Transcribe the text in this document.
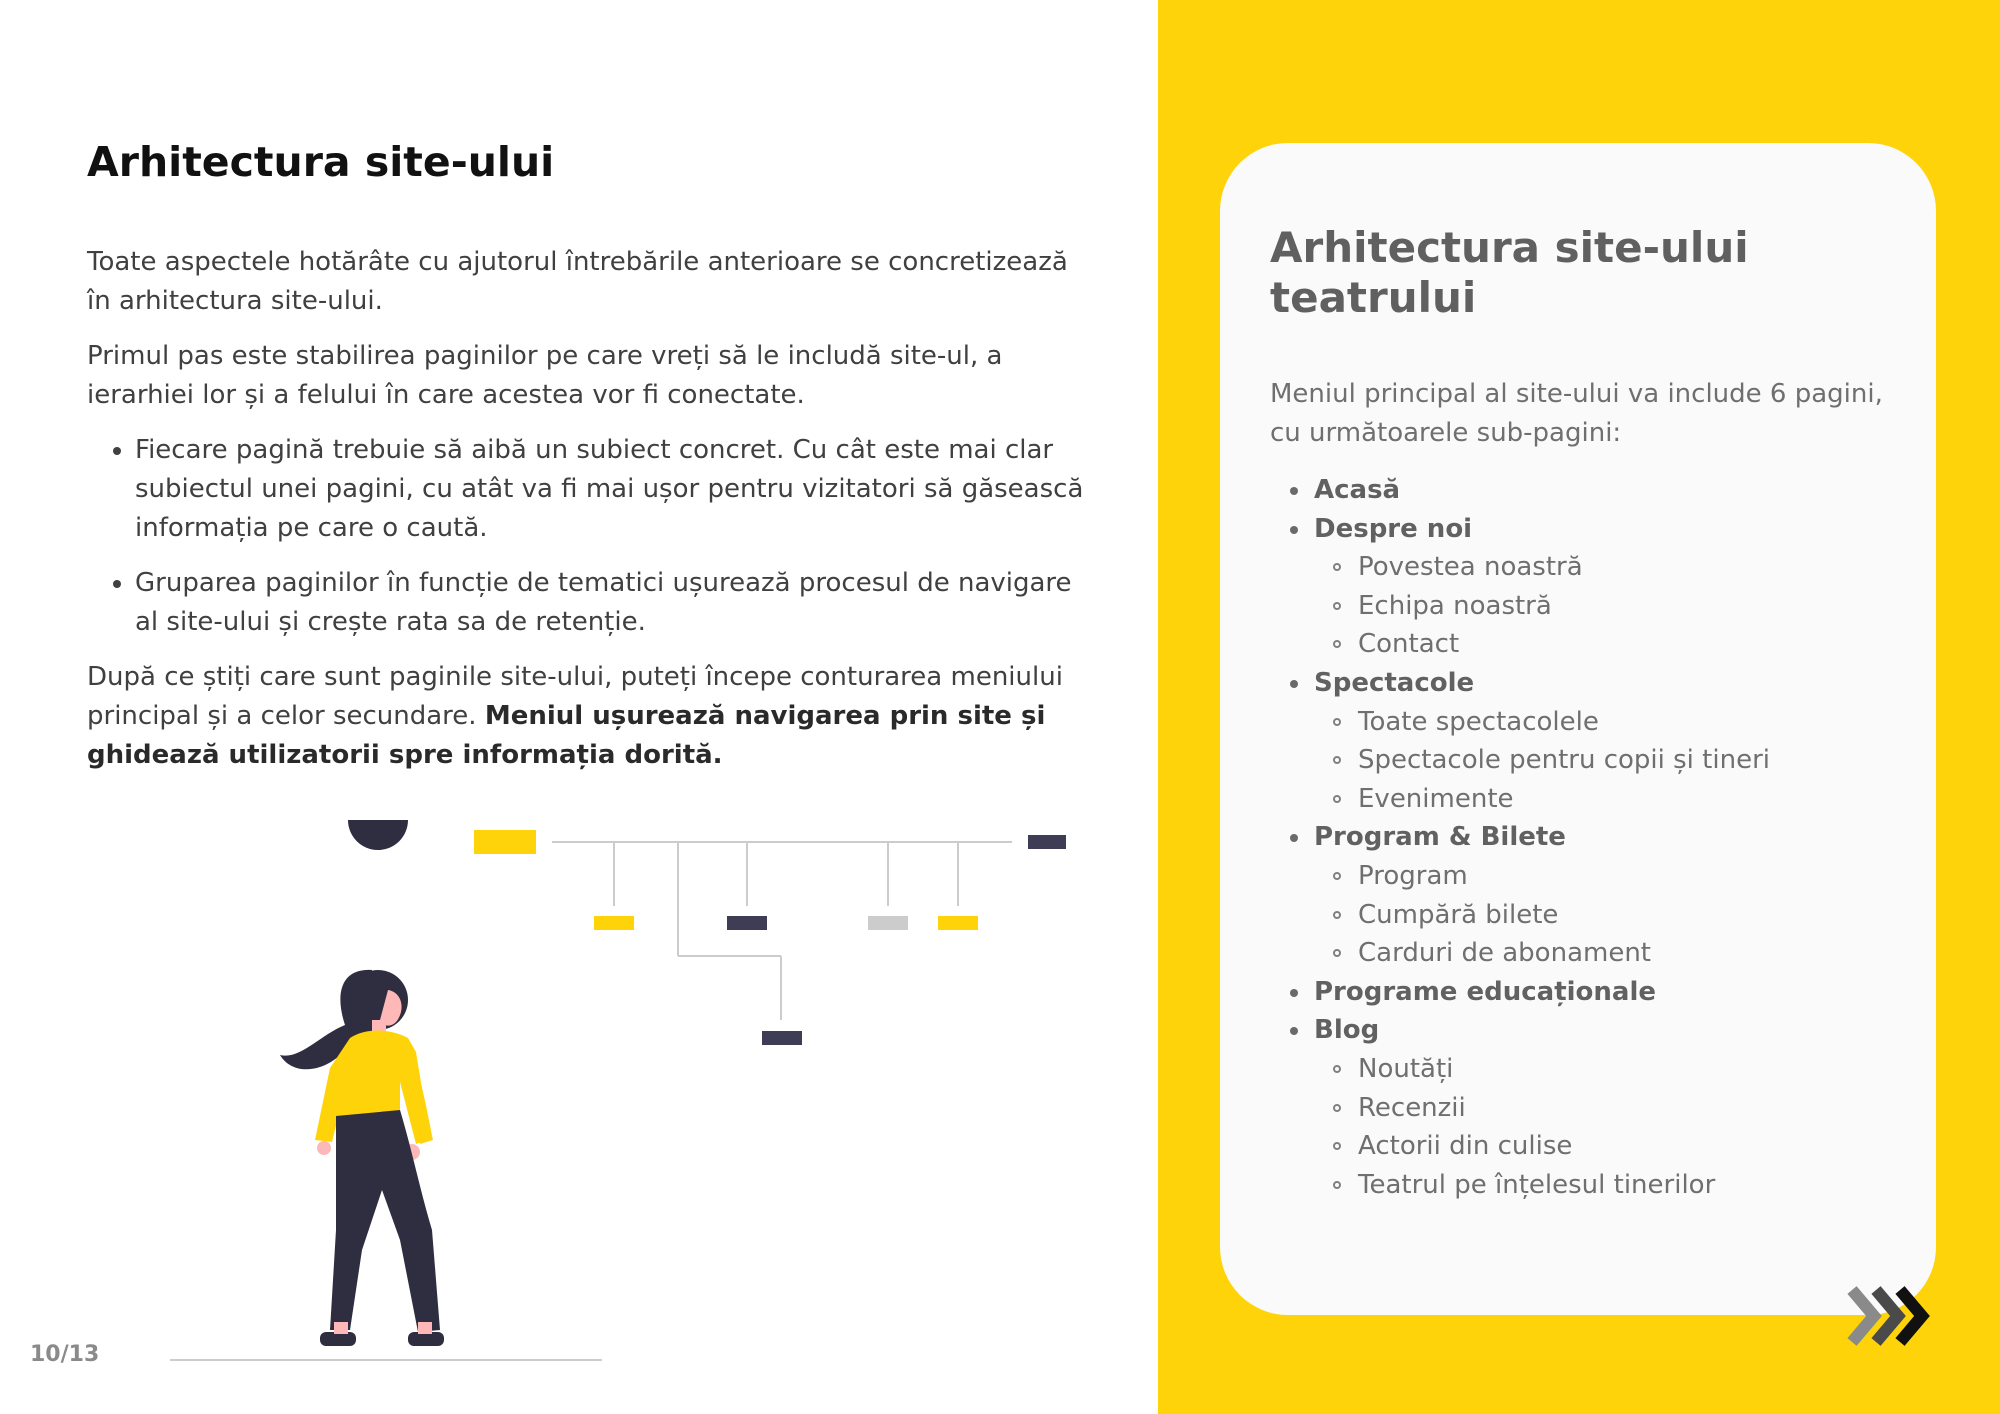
Arhitectura site-ului

Toate aspectele hotărâte cu ajutorul întrebările anterioare se concretizează în arhitectura site-ului.

Primul pas este stabilirea paginilor pe care vreți să le includă site-ul, a ierarhiei lor și a felului în care acestea vor fi conectate.

• Fiecare pagină trebuie să aibă un subiect concret. Cu cât este mai clar subiectul unei pagini, cu atât va fi mai ușor pentru vizitatori să găsească informația pe care o caută.
• Gruparea paginilor în funcție de tematici ușurează procesul de navigare al site-ului și crește rata sa de retenție.

După ce știți care sunt paginile site-ului, puteți începe conturarea meniului principal și a celor secundare. Meniul ușurează navigarea prin site și ghidează utilizatorii spre informația dorită.

10/13
Arhitectura site-ului teatrului

Meniul principal al site-ului va include 6 pagini, cu următoarele sub-pagini:

Acasă
Despre noi
Povestea noastră
Echipa noastră
Contact
Spectacole
Toate spectacolele
Spectacole pentru copii și tineri
Evenimente
Program & Bilete
Program
Cumpără bilete
Carduri de abonament
Programe educaționale
Blog
Noutăți
Recenzii
Actorii din culise
Teatrul pe înțelesul tinerilor
